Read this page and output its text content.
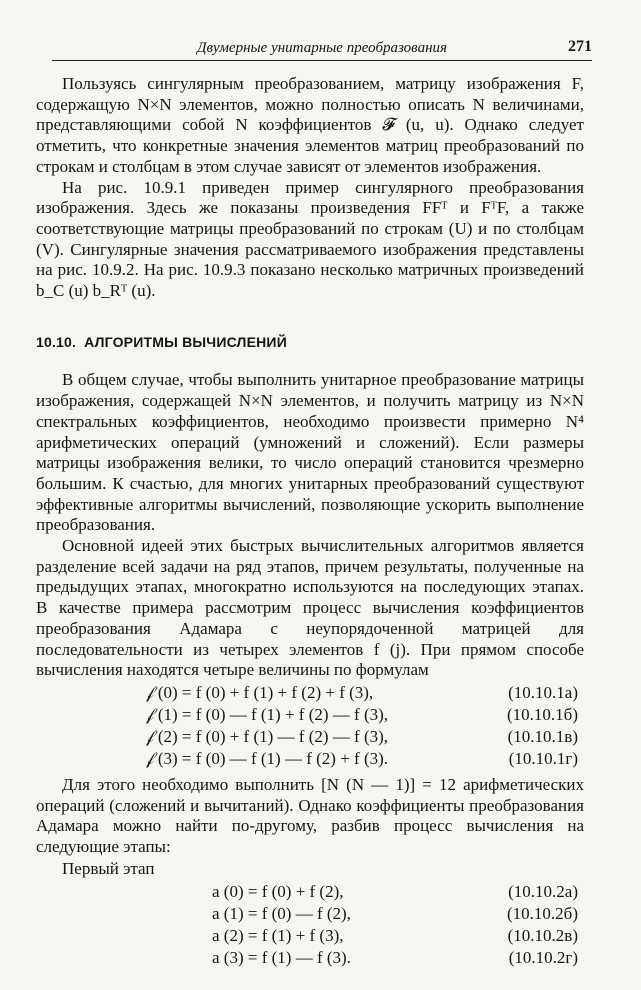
Двумерные унитарные преобразования	271

Пользуясь сингулярным преобразованием, матрицу изображения F, содержащую N×N элементов, можно полностью описать N величинами, представляющими собой N коэффициентов 𝓕 (u, u). Однако следует отметить, что конкретные значения элементов матриц преобразований по строкам и столбцам в этом случае зависят от элементов изображения.

На рис. 10.9.1 приведен пример сингулярного преобразования изображения. Здесь же показаны произведения FFᵀ и FᵀF, а также соответствующие матрицы преобразований по строкам (U) и по столбцам (V). Сингулярные значения рассматриваемого изображения представлены на рис. 10.9.2. На рис. 10.9.3 показано несколько матричных произведений b_C (u) b_Rᵀ (u).

10.10. АЛГОРИТМЫ ВЫЧИСЛЕНИЙ

В общем случае, чтобы выполнить унитарное преобразование матрицы изображения, содержащей N×N элементов, и получить матрицу из N×N спектральных коэффициентов, необходимо произвести примерно N⁴ арифметических операций (умножений и сложений). Если размеры матрицы изображения велики, то число операций становится чрезмерно большим. К счастью, для многих унитарных преобразований существуют эффективные алгоритмы вычислений, позволяющие ускорить выполнение преобразования.

Основной идеей этих быстрых вычислительных алгоритмов является разделение всей задачи на ряд этапов, причем результаты, полученные на предыдущих этапах, многократно используются на последующих этапах. В качестве примера рассмотрим процесс вычисления коэффициентов преобразования Адамара с неупорядоченной матрицей для последовательности из четырех элементов f (j). При прямом способе вычисления находятся четыре величины по формулам

𝒻 (0) = f (0) + f (1) + f (2) + f (3),	(10.10.1а)
𝒻 (1) = f (0) — f (1) + f (2) — f (3),	(10.10.1б)
𝒻 (2) = f (0) + f (1) — f (2) — f (3),	(10.10.1в)
𝒻 (3) = f (0) — f (1) — f (2) + f (3).	(10.10.1г)

Для этого необходимо выполнить [N (N — 1)] = 12 арифметических операций (сложений и вычитаний). Однако коэффициенты преобразования Адамара можно найти по-другому, разбив процесс вычисления на следующие этапы:

Первый этап

a (0) = f (0) + f (2),	(10.10.2а)
a (1) = f (0) — f (2),	(10.10.2б)
a (2) = f (1) + f (3),	(10.10.2в)
a (3) = f (1) — f (3).	(10.10.2г)
